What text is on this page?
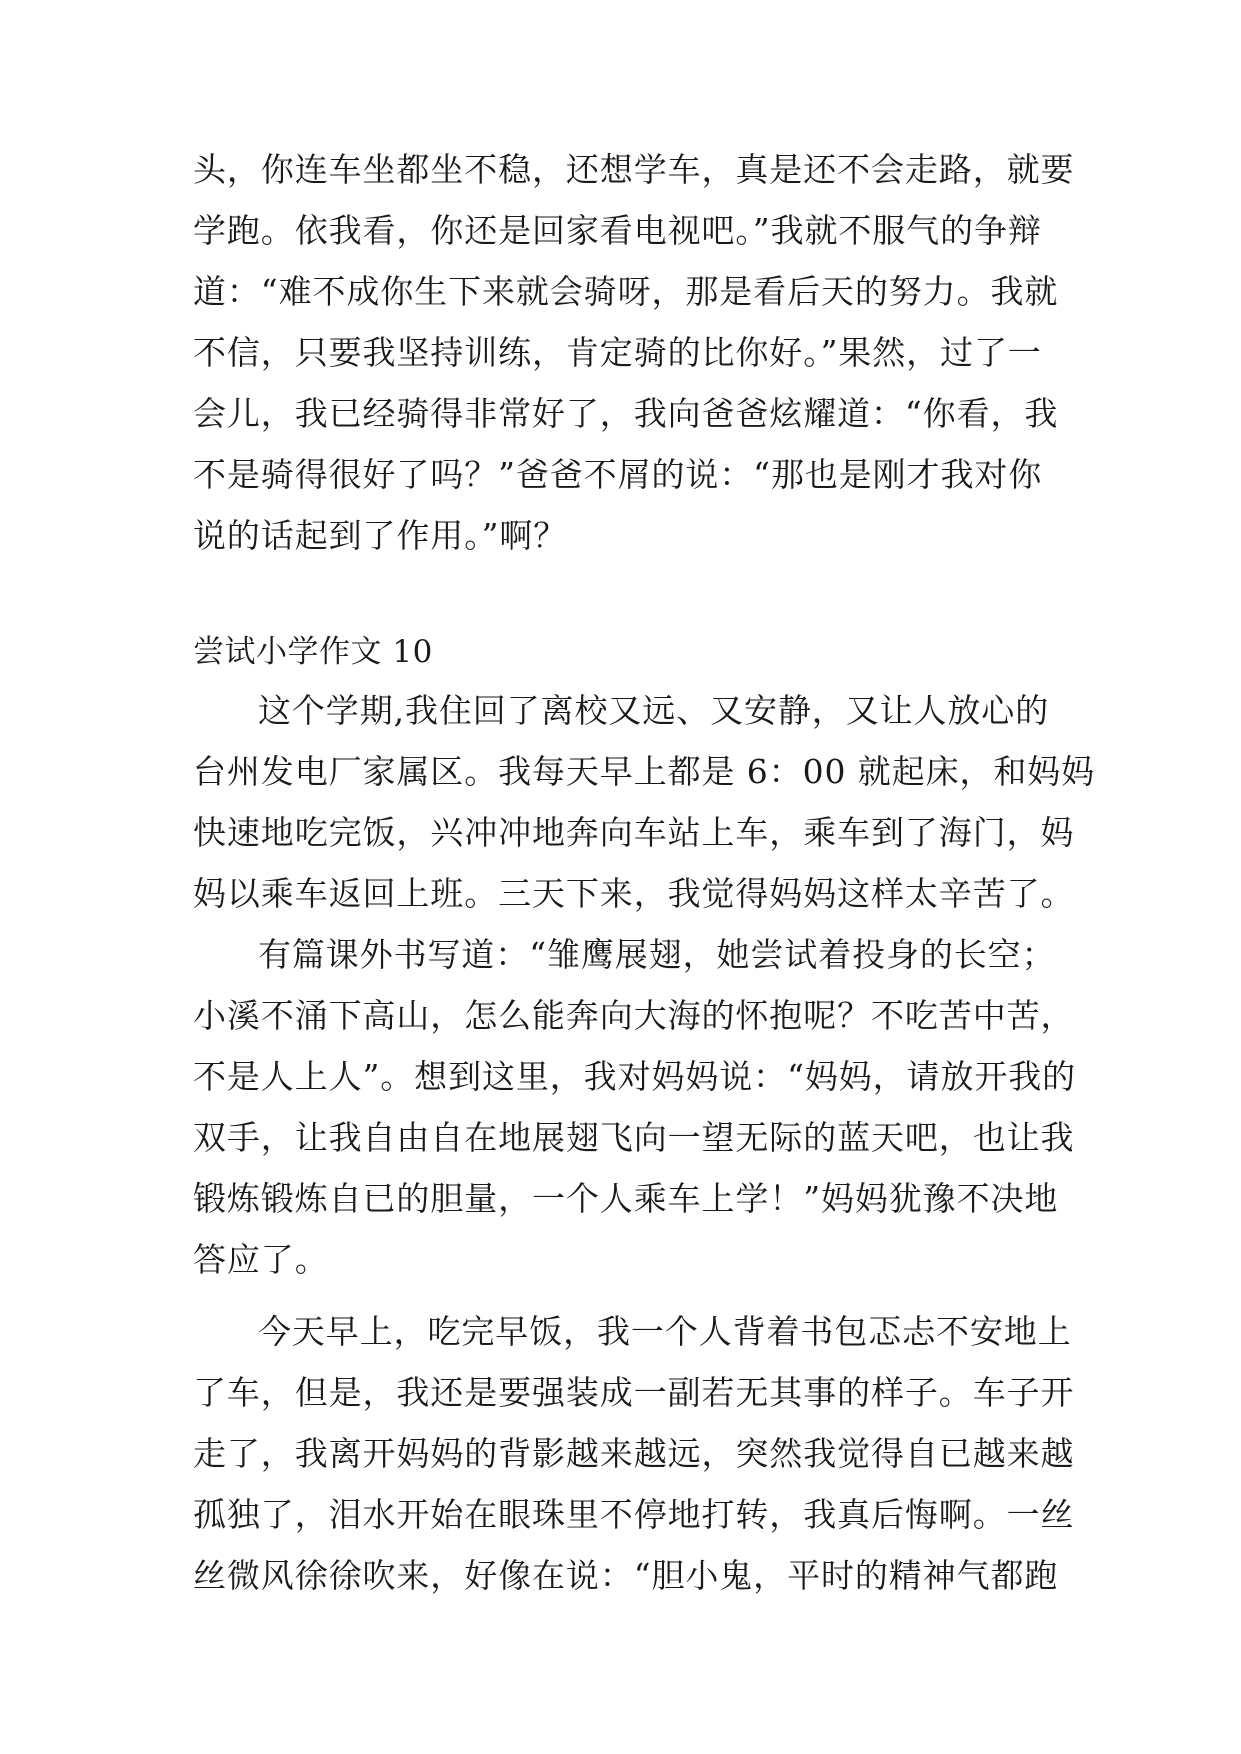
头，你连车坐都坐不稳，还想学车，真是还不会走路，就要
学跑。依我看，你还是回家看电视吧。”我就不服气的争辩
道：“难不成你生下来就会骑呀，那是看后天的努力。我就
不信，只要我坚持训练，肯定骑的比你好。”果然，过了一
会儿，我已经骑得非常好了，我向爸爸炫耀道：“你看，我
不是骑得很好了吗？”爸爸不屑的说：“那也是刚才我对你
说的话起到了作用。”啊？
尝试小学作文 10
这个学期,我住回了离校又远、又安静，又让人放心的
台州发电厂家属区。我每天早上都是 6：00 就起床，和妈妈
快速地吃完饭，兴冲冲地奔向车站上车，乘车到了海门，妈
妈以乘车返回上班。三天下来，我觉得妈妈这样太辛苦了。
有篇课外书写道：“雏鹰展翅，她尝试着投身的长空；
小溪不涌下高山，怎么能奔向大海的怀抱呢？不吃苦中苦，
不是人上人”。想到这里，我对妈妈说：“妈妈，请放开我的
双手，让我自由自在地展翅飞向一望无际的蓝天吧，也让我
锻炼锻炼自已的胆量，一个人乘车上学！”妈妈犹豫不决地
答应了。
今天早上，吃完早饭，我一个人背着书包忑忐不安地上
了车，但是，我还是要强装成一副若无其事的样子。车子开
走了，我离开妈妈的背影越来越远，突然我觉得自已越来越
孤独了，泪水开始在眼珠里不停地打转，我真后悔啊。一丝
丝微风徐徐吹来，好像在说：“胆小鬼，平时的精神气都跑
